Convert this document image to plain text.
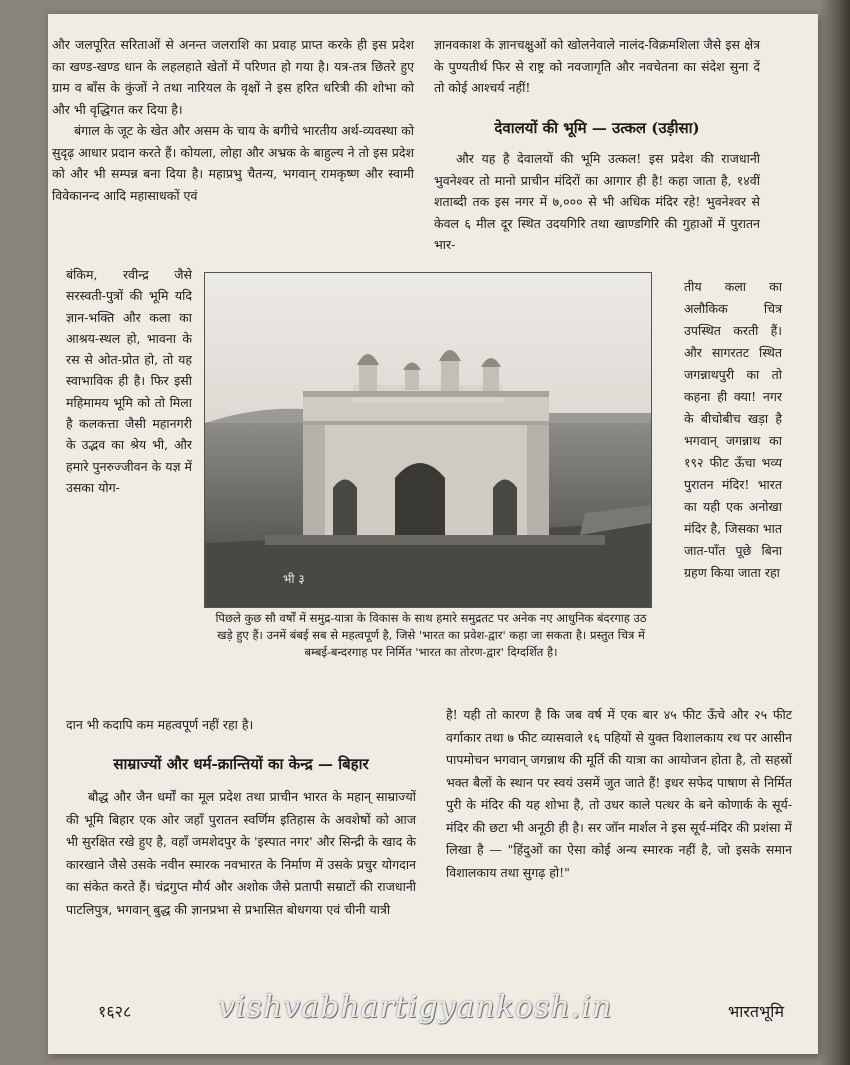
और जलपूरित सरिताओं से अनन्त जलराशि का प्रवाह प्राप्त करके ही इस प्रदेश का खण्ड-खण्ड धान के लहलहाते खेतों में परिणत हो गया है। यत्र-तत्र छितरे हुए ग्राम व बाँस के कुंजों ने तथा नारियल के वृक्षों ने इस हरित धरित्री की शोभा को और भी वृद्धिगत कर दिया है।

बंगाल के जूट के खेत और असम के चाय के बगीचे भारतीय अर्थ-व्यवस्था को सुदृढ़ आधार प्रदान करते हैं। कोयला, लोहा और अभ्रक के बाहुल्य ने तो इस प्रदेश को और भी सम्पन्न बना दिया है। महाप्रभु चैतन्य, भगवान् रामकृष्ण और स्वामी विवेकानन्द आदि महासाधकों एवं

ज्ञानवकाश के ज्ञानचक्षुओं को खोलनेवाले नालंद-विक्रमशिला जैसे इस क्षेत्र के पुण्यतीर्थ फिर से राष्ट्र को नवजागृति और नवचेतना का संदेश सुना दें तो कोई आश्चर्य नहीं!

देवालयों की भूमि — उत्कल (उड़ीसा)

और यह है देवालयों की भूमि उत्कल! इस प्रदेश की राजधानी भुवनेश्वर तो मानो प्राचीन मंदिरों का आगार ही है! कहा जाता है, १४वीं शताब्दी तक इस नगर में ७,००० से भी अधिक मंदिर रहे! भुवनेश्वर से केवल ६ मील दूर स्थित उदयगिरि तथा खाण्डगिरि की गुहाओं में पुरातन भार-

बंकिम, रवीन्द्र जैसे सरस्वती-पुत्रों की भूमि यदि ज्ञान-भक्ति और कला का आश्रय-स्थल हो, भावना के रस से ओत-प्रोत हो, तो यह स्वाभाविक ही है। फिर इसी महिमामय भूमि को तो मिला है कलकत्ता जैसी महानगरी के उद्भव का श्रेय भी, और हमारे पुनरुज्जीवन के यज्ञ में उसका योग-

तीय कला का अलौकिक चित्र उपस्थित करती हैं। और सागरतट स्थित जगन्नाथपुरी का तो कहना ही क्या! नगर के बीचोबीच खड़ा है भगवान् जगन्नाथ का १९२ फीट ऊँचा भव्य पुरातन मंदिर! भारत का यही एक अनोखा मंदिर है, जिसका भात जात-पाँत पूछे बिना ग्रहण किया जाता रहा

भी ३
पिछले कुछ सौ वर्षों में समुद्र-यात्रा के विकास के साथ हमारे समुद्रतट पर अनेक नए आधुनिक बंदरगाह उठ खड़े हुए हैं। उनमें बंबई सब से महत्वपूर्ण है, जिसे 'भारत का प्रवेश-द्वार' कहा जा सकता है। प्रस्तुत चित्र में बम्बई-बन्दरगाह पर निर्मित 'भारत का तोरण-द्वार' दिग्दर्शित है।

दान भी कदापि कम महत्वपूर्ण नहीं रहा है।

साम्राज्यों और धर्म-क्रान्तियों का केन्द्र — बिहार

बौद्ध और जैन धर्मों का मूल प्रदेश तथा प्राचीन भारत के महान् साम्राज्यों की भूमि बिहार एक ओर जहाँ पुरातन स्वर्णिम इतिहास के अवशेषों को आज भी सुरक्षित रखे हुए है, वहाँ जमशेदपुर के 'इस्पात नगर' और सिन्द्री के खाद के कारखाने जैसे उसके नवीन स्मारक नवभारत के निर्माण में उसके प्रचुर योगदान का संकेत करते हैं। चंद्रगुप्त मौर्य और अशोक जैसे प्रतापी सम्राटों की राजधानी पाटलिपुत्र, भगवान् बुद्ध की ज्ञानप्रभा से प्रभासित बोधगया एवं चीनी यात्री

है! यही तो कारण है कि जब वर्ष में एक बार ४५ फीट ऊँचे और २५ फीट वर्गाकार तथा ७ फीट व्यासवाले १६ पहियों से युक्त विशालकाय रथ पर आसीन पापमोचन भगवान् जगन्नाथ की मूर्ति की यात्रा का आयोजन होता है, तो सहस्रों भक्त बैलों के स्थान पर स्वयं उसमें जुत जाते हैं! इधर सफेद पाषाण से निर्मित पुरी के मंदिर की यह शोभा है, तो उधर काले पत्थर के बने कोणार्क के सूर्य-मंदिर की छटा भी अनूठी ही है। सर जॉन मार्शल ने इस सूर्य-मंदिर की प्रशंसा में लिखा है — "हिंदुओं का ऐसा कोई अन्य स्मारक नहीं है, जो इसके समान विशालकाय तथा सुगढ़ हो!"

१६२८	भारतभूमि
vishvabhartigyankosh.in
